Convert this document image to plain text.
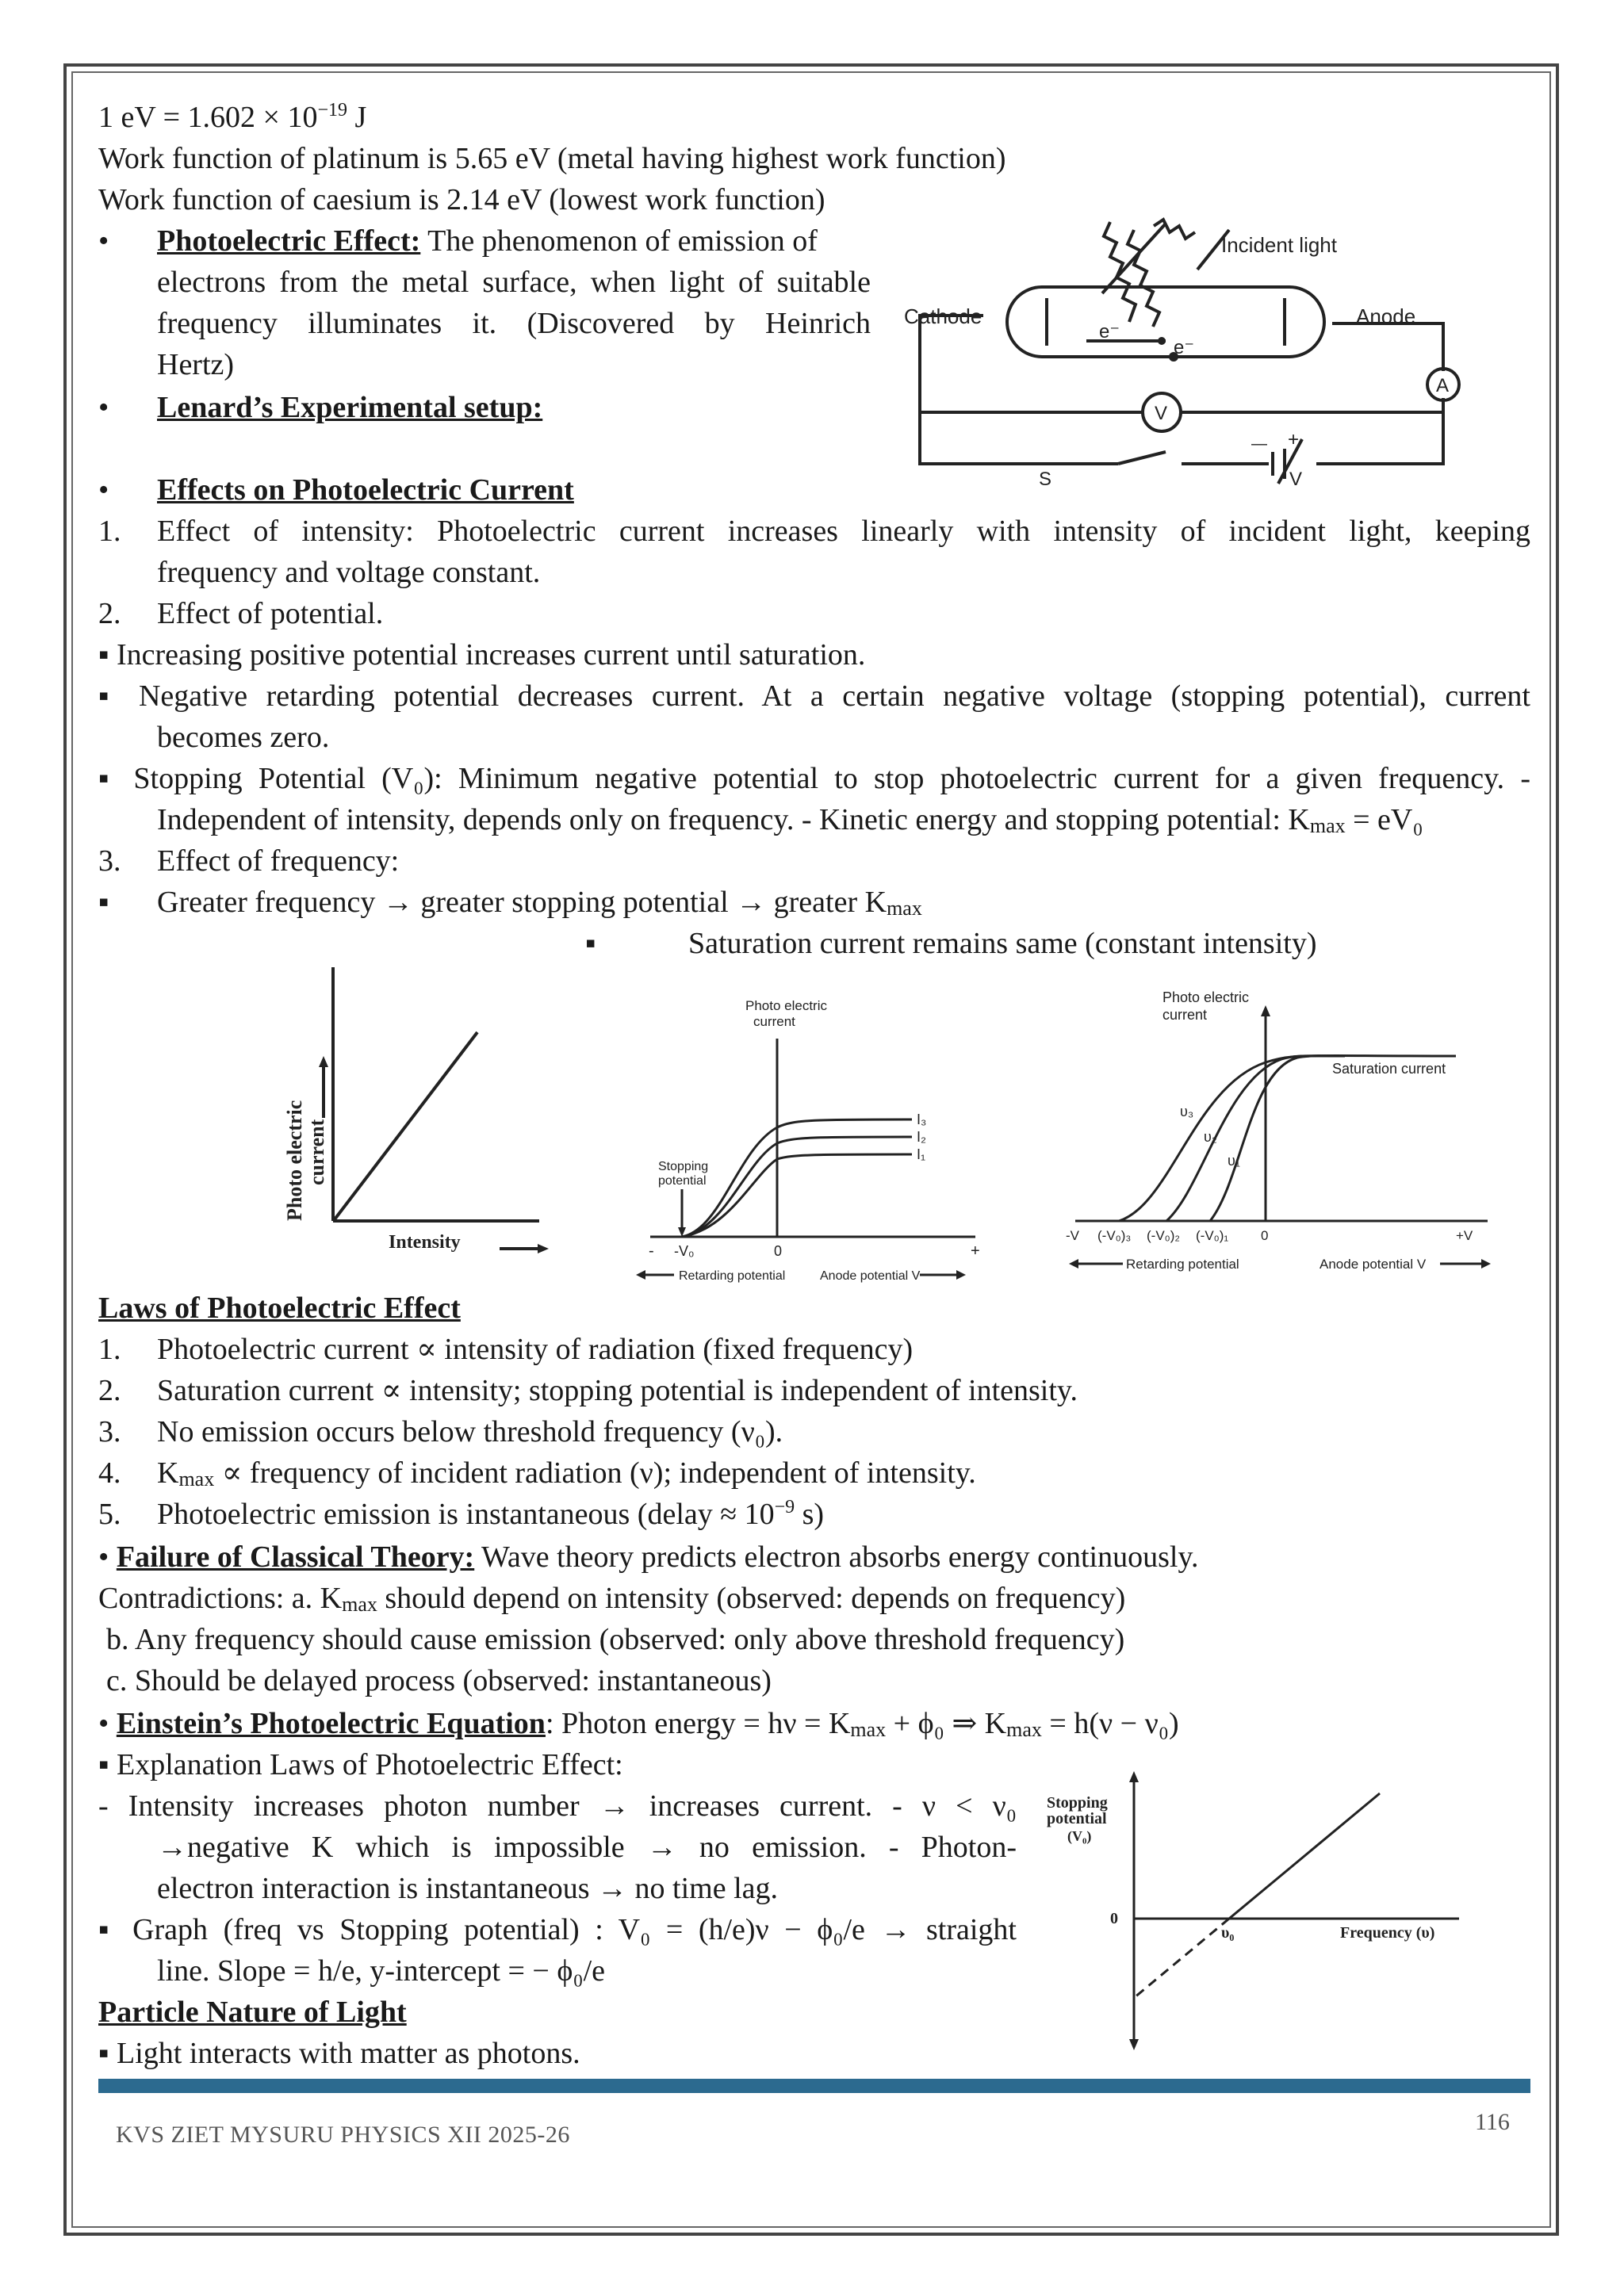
1 eV = $1.602 \times 10^{-19}$ J
Work function of platinum is 5.65 eV (metal having highest work function)
Work function of caesium is 2.14 eV (lowest work function)
• Photoelectric Effect: The phenomenon of emission of
electrons from the metal surface, when light of suitable
frequency illuminates it. (Discovered by Heinrich
Hertz)
• Lenard’s Experimental setup:
Incident light
Cathode	Anode
e⁻
e⁻
A
V
S	V
+
—
• Effects on Photoelectric Current
1. Effect of intensity: Photoelectric current increases linearly with intensity of incident light, keeping
frequency and voltage constant.
2. Effect of potential.
▪ Increasing positive potential increases current until saturation.
▪ Negative retarding potential decreases current. At a certain negative voltage (stopping potential), current
becomes zero.
▪ Stopping Potential (V₀): Minimum negative potential to stop photoelectric current for a given frequency. -
Independent of intensity, depends only on frequency. - Kinetic energy and stopping potential: Kmax = eV₀
3. Effect of frequency:
▪ Greater frequency → greater stopping potential → greater Kmax
▪	Saturation current remains same (constant intensity)
Photo electric current
Intensity
Photo electric
current
I₃
I₂
I₁
Stopping
potential
- -V₀	0	+
Retarding potential	Anode potential V
Photo electric
current
Saturation current
υ₃
υ₂
υ₁
-V (-V₀)₃ (-V₀)₂ (-V₀)₁ 0	+V
Retarding potential	Anode potential V
Laws of Photoelectric Effect
1. Photoelectric current ∝ intensity of radiation (fixed frequency)
2. Saturation current ∝ intensity; stopping potential is independent of intensity.
3. No emission occurs below threshold frequency (ν₀).
4. Kmax ∝ frequency of incident radiation (ν); independent of intensity.
5. Photoelectric emission is instantaneous (delay ≈ $10^{-9}$ s)
• Failure of Classical Theory: Wave theory predicts electron absorbs energy continuously.
Contradictions: a. Kmax should depend on intensity (observed: depends on frequency)
b. Any frequency should cause emission (observed: only above threshold frequency)
c. Should be delayed process (observed: instantaneous)
• Einstein’s Photoelectric Equation: Photon energy = hν = Kmax + ϕ₀ ⇒ Kmax = h(ν − ν₀)
▪ Explanation Laws of Photoelectric Effect:
- Intensity increases photon number → increases current. - ν < ν₀
→negative K which is impossible → no emission. - Photon-
electron interaction is instantaneous → no time lag.
▪ Graph (freq vs Stopping potential) : V₀ = (h/e)ν − ϕ₀/e → straight
line. Slope = h/e, y-intercept = − ϕ₀/e
Stopping
potential
(V₀)
0
υ₀	Frequency (υ)
Particle Nature of Light
▪ Light interacts with matter as photons.
KVS ZIET MYSURU PHYSICS XII 2025-26	116
